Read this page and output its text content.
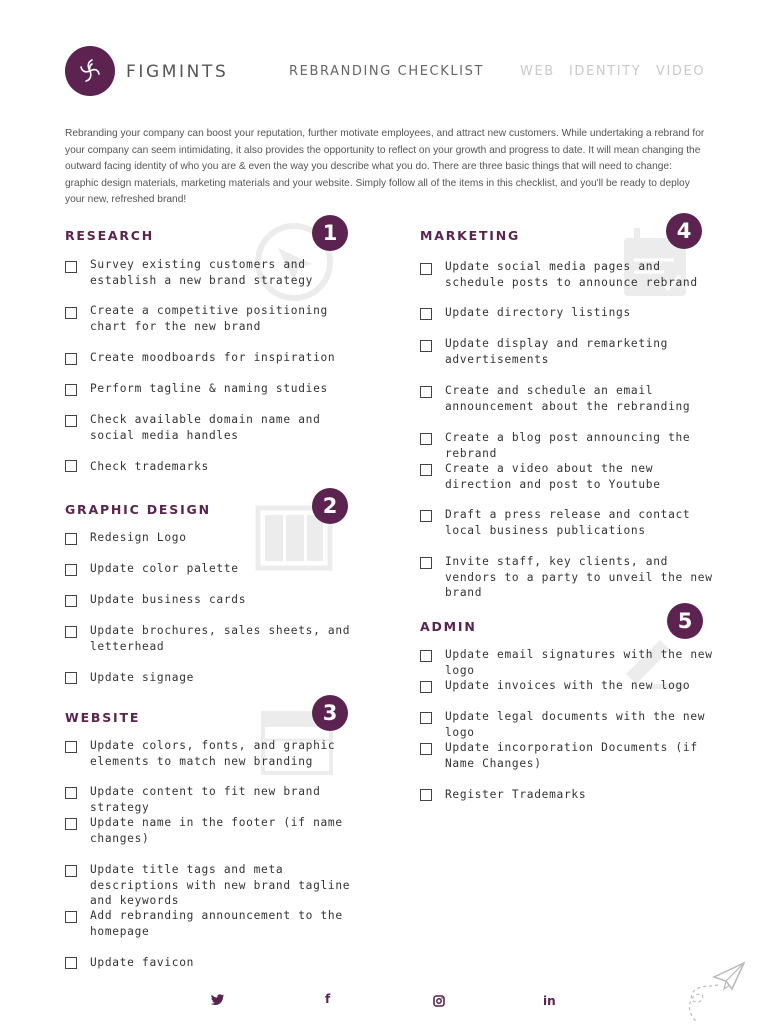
FIGMINTS	REBRANDING CHECKLIST	WEB IDENTITY VIDEO

Rebranding your company can boost your reputation, further motivate employees, and attract new customers. While undertaking a rebrand for your company can seem intimidating, it also provides the opportunity to reflect on your growth and progress to date. It will mean changing the outward facing identity of who you are & even the way you describe what you do. There are three basic things that will need to change: graphic design materials, marketing materials and your website. Simply follow all of the items in this checklist, and you'll be ready to deploy your new, refreshed brand!

RESEARCH	1
Survey existing customers and establish a new brand strategy
Create a competitive positioning chart for the new brand
Create moodboards for inspiration
Perform tagline & naming studies
Check available domain name and social media handles
Check trademarks
GRAPHIC DESIGN	2
Redesign Logo
Update color palette
Update business cards
Update brochures, sales sheets, and letterhead
Update signage
WEBSITE	3
Update colors, fonts, and graphic elements to match new branding
Update content to fit new brand strategy
Update name in the footer (if name changes)
Update title tags and meta descriptions with new brand tagline and keywords
Add rebranding announcement to the homepage
Update favicon
MARKETING	4
Update social media pages and schedule posts to announce rebrand
Update directory listings
Update display and remarketing advertisements
Create and schedule an email announcement about the rebranding
Create a blog post announcing the rebrand
Create a video about the new direction and post to Youtube
Draft a press release and contact local business publications
Invite staff, key clients, and vendors to a party to unveil the new brand
ADMIN	5
Update email signatures with the new logo
Update invoices with the new logo
Update legal documents with the new logo
Update incorporation Documents (if Name Changes)
Register Trademarks
f	in
